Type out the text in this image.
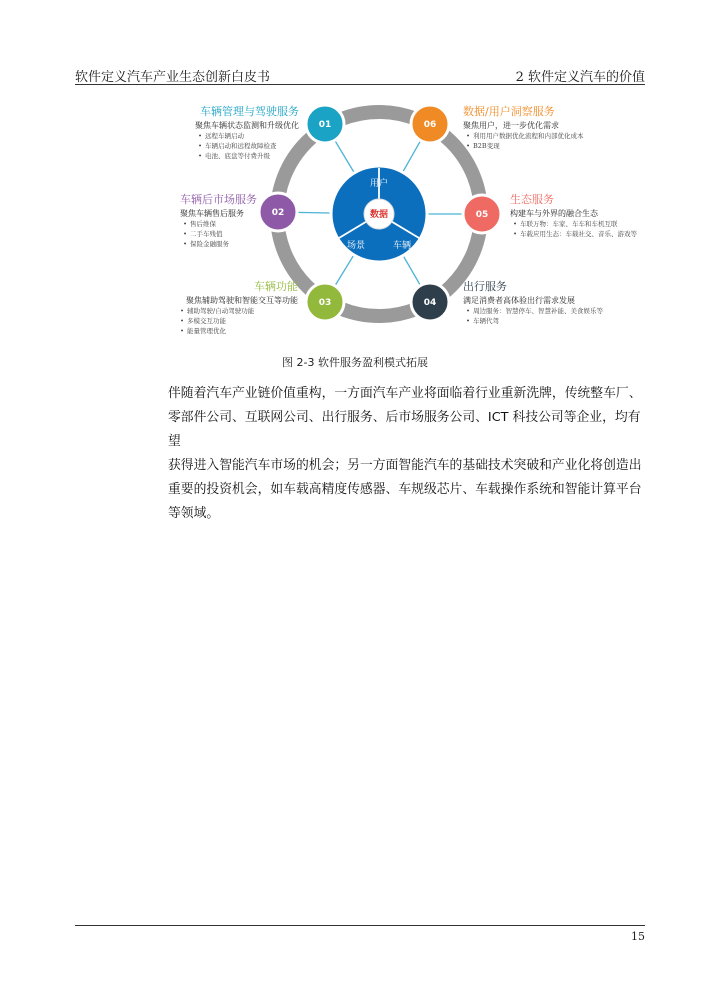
软件定义汽车产业生态创新白皮书	2 软件定义汽车的价值
用户
数据
场景	车辆
01	06
02	05
03	04
车辆管理与驾驶服务
聚焦车辆状态监测和升级优化
• 远程车辆启动
• 车辆启动和远程故障检查
• 电池、底盘等付费升级
数据/用户洞察服务
聚焦用户，进一步优化需求
• 利用用户数据优化流程和内部优化成本
• B2B变现
车辆后市场服务
聚焦车辆售后服务
• 售后维保
• 二手车残值
• 保险金融服务
生态服务
构建车与外界的融合生态
• 车联万物：车家、车车和车机互联
• 车载应用生态：车载社交、音乐、游戏等
车辆功能
聚焦辅助驾驶和智能交互等功能
• 辅助驾驶/自动驾驶功能
• 多模交互功能
• 能量管理优化
出行服务
满足消费者高体验出行需求发展
• 周边服务：智慧停车、智慧补能、美食娱乐等
• 车辆代驾
图 2-3 软件服务盈利模式拓展

伴随着汽车产业链价值重构，一方面汽车产业将面临着行业重新洗牌，传统整车厂、

零部件公司、互联网公司、出行服务、后市场服务公司、ICT 科技公司等企业，均有望

获得进入智能汽车市场的机会；另一方面智能汽车的基础技术突破和产业化将创造出

重要的投资机会，如车载高精度传感器、车规级芯片、车载操作系统和智能计算平台

等领域。

15
